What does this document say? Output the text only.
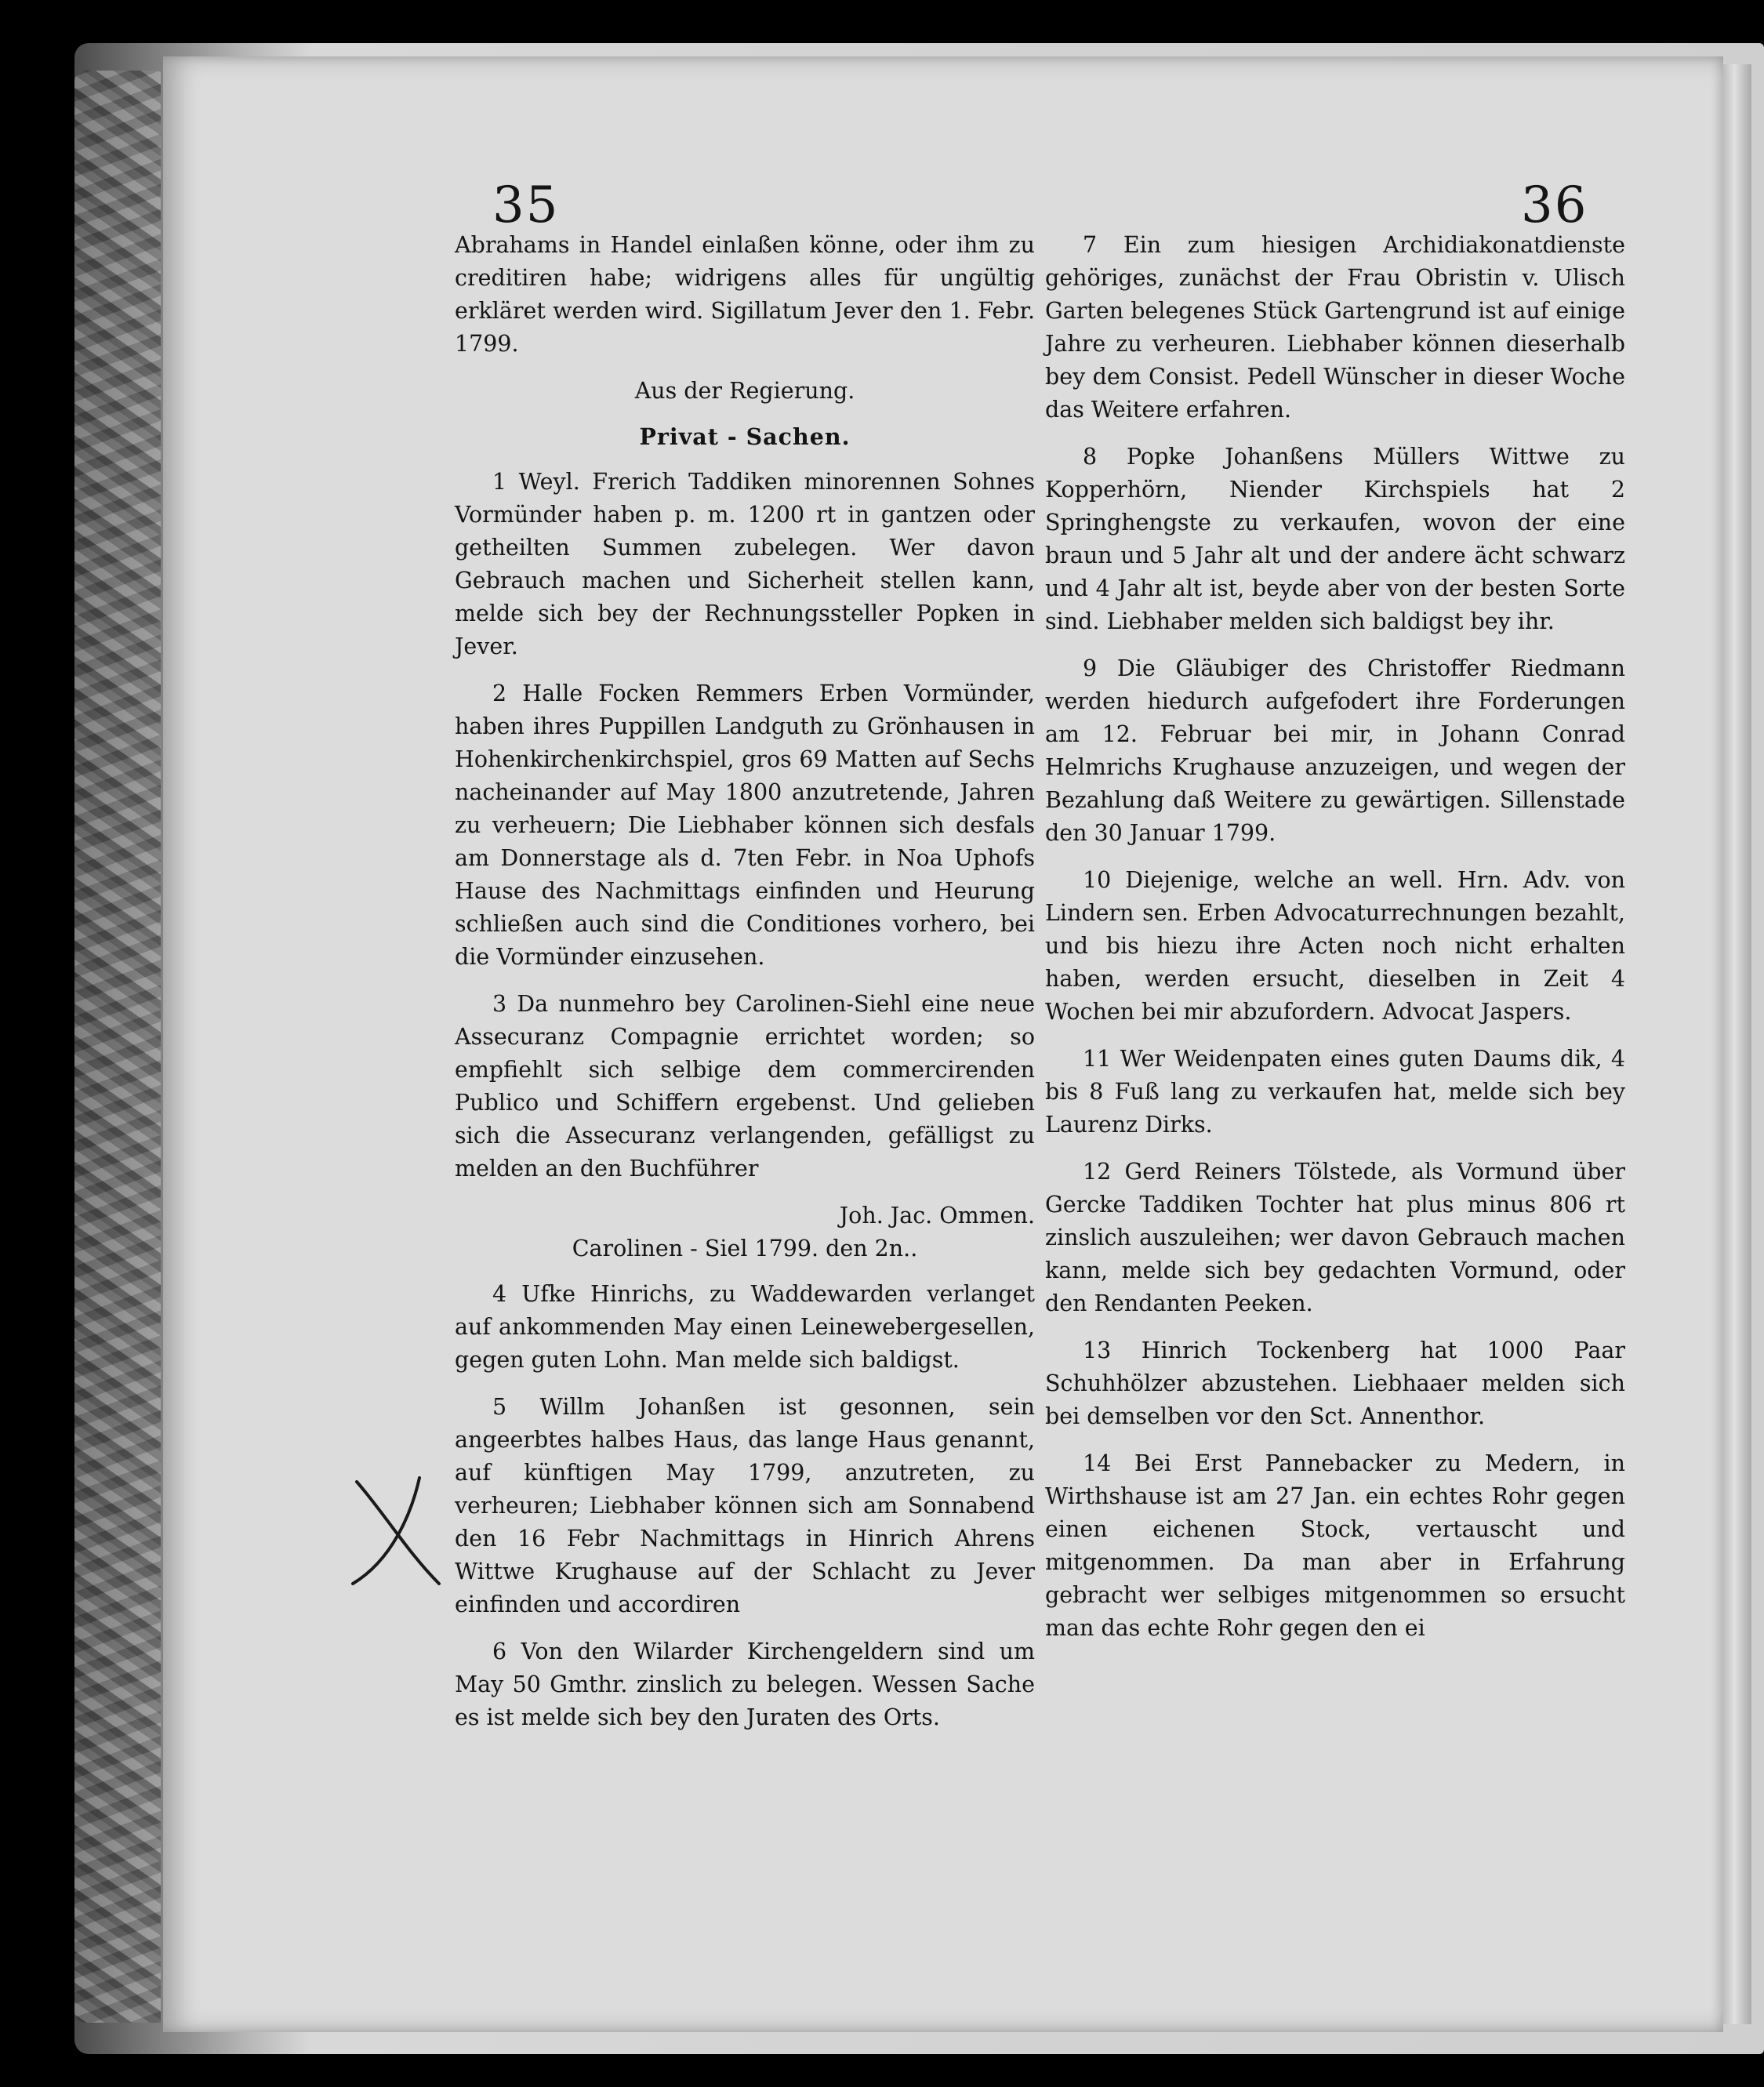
35	36

Abrahams in Handel einlaßen könne, oder ihm zu creditiren habe; widrigens alles für ungültig erkläret werden wird. Sigillatum Jever den 1. Febr. 1799.

Aus der Regierung.

Privat - Sachen.

1 Weyl. Frerich Taddiken minorennen Sohnes Vormünder haben p. m. 1200 rt in gantzen oder getheilten Summen zubelegen. Wer davon Gebrauch machen und Sicherheit stellen kann, melde sich bey der Rechnungssteller Popken in Jever.

2 Halle Focken Remmers Erben Vormünder, haben ihres Puppillen Landguth zu Grönhausen in Hohenkirchenkirchspiel, gros 69 Matten auf Sechs nacheinander auf May 1800 anzutretende, Jahren zu verheuern; Die Liebhaber können sich desfals am Donnerstage als d. 7ten Febr. in Noa Uphofs Hause des Nachmittags einfinden und Heurung schließen auch sind die Conditiones vorhero, bei die Vormünder einzusehen.

3 Da nunmehro bey Carolinen-Siehl eine neue Assecuranz Compagnie errichtet worden; so empfiehlt sich selbige dem commercirenden Publico und Schiffern ergebenst. Und gelieben sich die Assecuranz verlangenden, gefälligst zu melden an den Buchführer

Joh. Jac. Ommen.

Carolinen - Siel 1799. den 2n..

4 Ufke Hinrichs, zu Waddewarden verlanget auf ankommenden May einen Leinewebergesellen, gegen guten Lohn. Man melde sich baldigst.

5 Willm Johanßen ist gesonnen, sein angeerbtes halbes Haus, das lange Haus genannt, auf künftigen May 1799, anzutreten, zu verheuren; Liebhaber können sich am Sonnabend den 16 Febr Nachmittags in Hinrich Ahrens Wittwe Krughause auf der Schlacht zu Jever einfinden und accordiren

6 Von den Wilarder Kirchengeldern sind um May 50 Gmthr. zinslich zu belegen. Wessen Sache es ist melde sich bey den Juraten des Orts.

7 Ein zum hiesigen Archidiakonatdienste gehöriges, zunächst der Frau Obristin v. Ulisch Garten belegenes Stück Gartengrund ist auf einige Jahre zu verheuren. Liebhaber können dieserhalb bey dem Consist. Pedell Wünscher in dieser Woche das Weitere erfahren.

8 Popke Johanßens Müllers Wittwe zu Kopperhörn, Niender Kirchspiels hat 2 Springhengste zu verkaufen, wovon der eine braun und 5 Jahr alt und der andere ächt schwarz und 4 Jahr alt ist, beyde aber von der besten Sorte sind. Liebhaber melden sich baldigst bey ihr.

9 Die Gläubiger des Christoffer Riedmann werden hiedurch aufgefodert ihre Forderungen am 12. Februar bei mir, in Johann Conrad Helmrichs Krughause anzuzeigen, und wegen der Bezahlung daß Weitere zu gewärtigen. Sillenstade den 30 Januar 1799.

10 Diejenige, welche an well. Hrn. Adv. von Lindern sen. Erben Advocaturrechnungen bezahlt, und bis hiezu ihre Acten noch nicht erhalten haben, werden ersucht, dieselben in Zeit 4 Wochen bei mir abzufordern. Advocat Jaspers.

11 Wer Weidenpaten eines guten Daums dik, 4 bis 8 Fuß lang zu verkaufen hat, melde sich bey Laurenz Dirks.

12 Gerd Reiners Tölstede, als Vormund über Gercke Taddiken Tochter hat plus minus 806 rt zinslich auszuleihen; wer davon Gebrauch machen kann, melde sich bey gedachten Vormund, oder den Rendanten Peeken.

13 Hinrich Tockenberg hat 1000 Paar Schuhhölzer abzustehen. Liebhaaer melden sich bei demselben vor den Sct. Annenthor.

14 Bei Erst Pannebacker zu Medern, in Wirthshause ist am 27 Jan. ein echtes Rohr gegen einen eichenen Stock, vertauscht und mitgenommen. Da man aber in Erfahrung gebracht wer selbiges mitgenommen so ersucht man das echte Rohr gegen den ei
